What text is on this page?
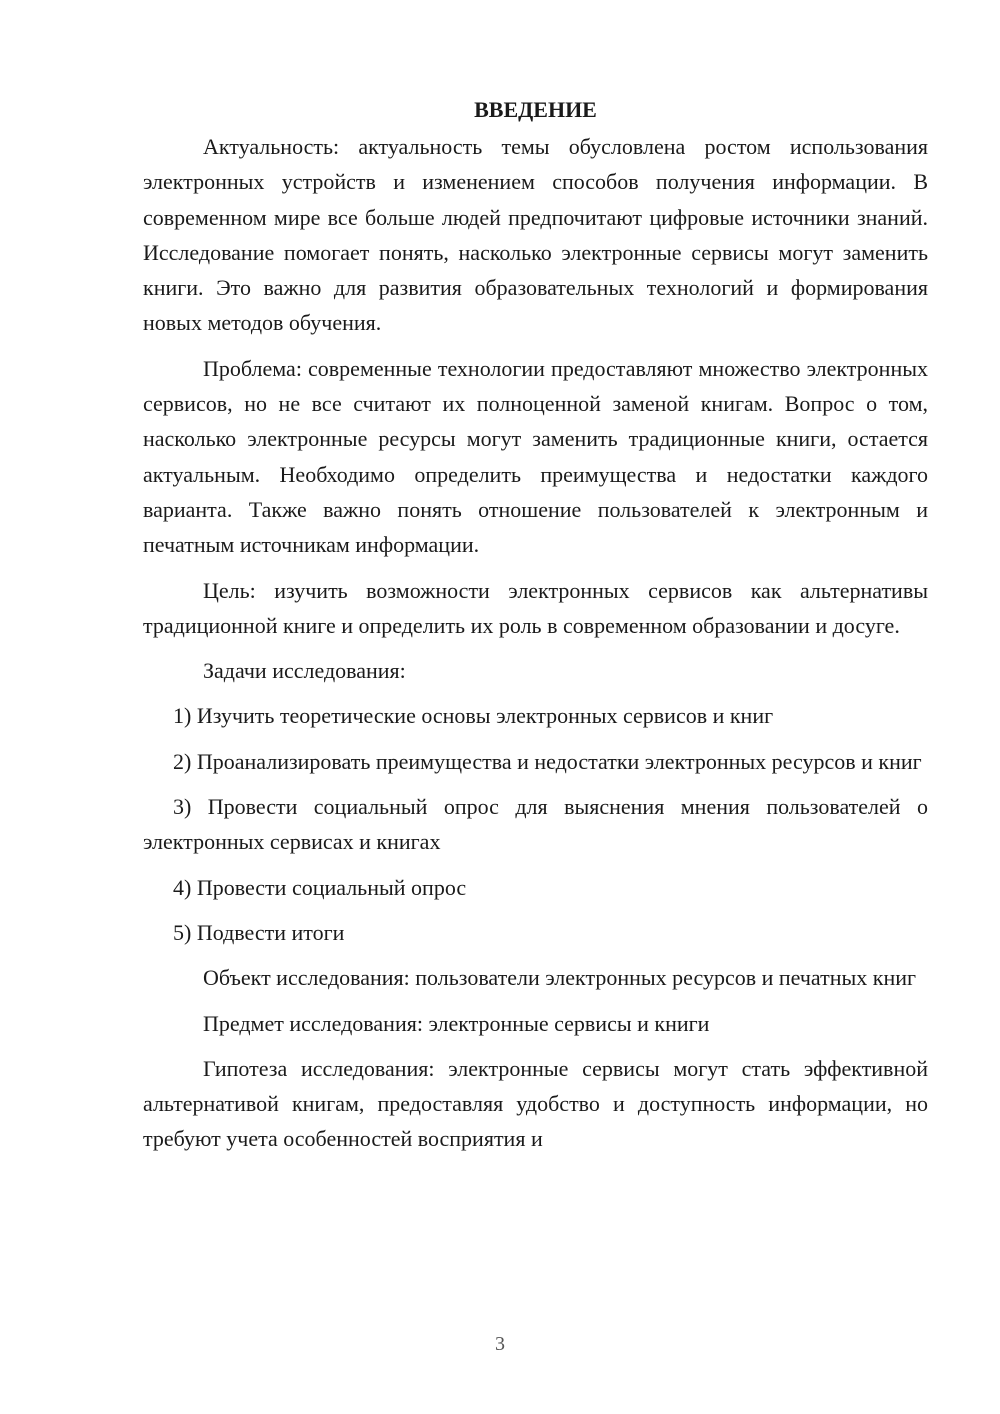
ВВЕДЕНИЕ

Актуальность: актуальность темы обусловлена ростом использования электронных устройств и изменением способов получения информации. В современном мире все больше людей предпочитают цифровые источники знаний. Исследование помогает понять, насколько электронные сервисы могут заменить книги. Это важно для развития образовательных технологий и формирования новых методов обучения.

Проблема: современные технологии предоставляют множество электронных сервисов, но не все считают их полноценной заменой книгам. Вопрос о том, насколько электронные ресурсы могут заменить традиционные книги, остается актуальным. Необходимо определить преимущества и недостатки каждого варианта. Также важно понять отношение пользователей к электронным и печатным источникам информации.

Цель: изучить возможности электронных сервисов как альтернативы традиционной книге и определить их роль в современном образовании и досуге.

Задачи исследования:

1) Изучить теоретические основы электронных сервисов и книг

2) Проанализировать преимущества и недостатки электронных ресурсов и книг

3) Провести социальный опрос для выяснения мнения пользователей о электронных сервисах и книгах

4) Провести социальный опрос

5) Подвести итоги

Объект исследования: пользователи электронных ресурсов и печатных книг

Предмет исследования: электронные сервисы и книги

Гипотеза исследования: электронные сервисы могут стать эффективной альтернативой книгам, предоставляя удобство и доступность информации, но требуют учета особенностей восприятия и

3
